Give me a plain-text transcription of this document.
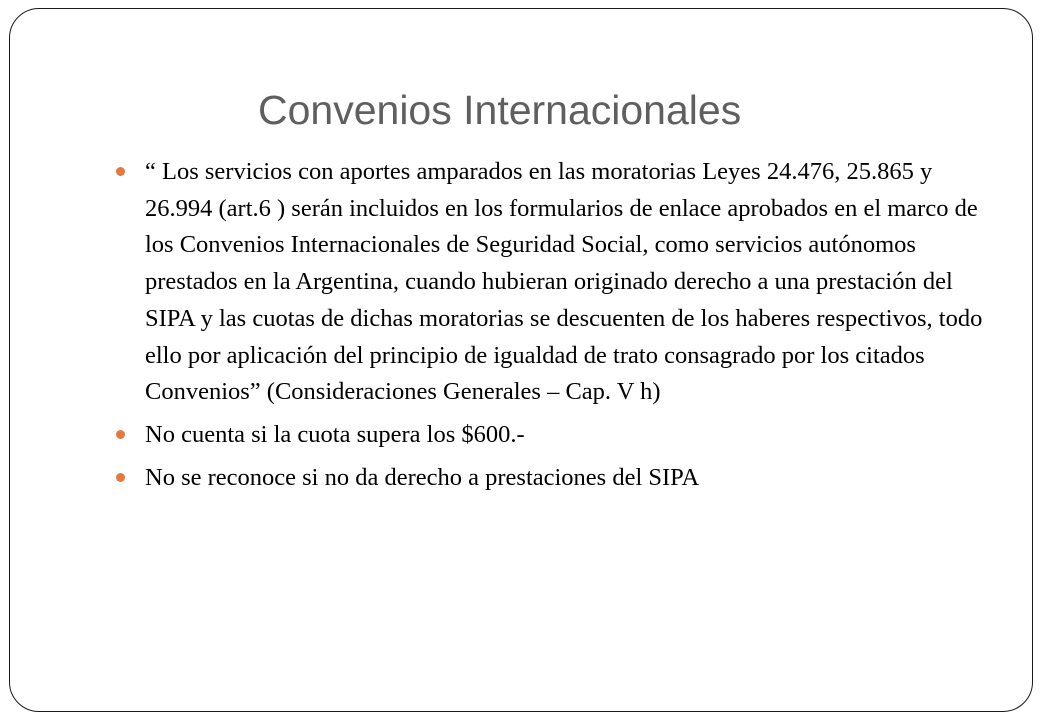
Convenios Internacionales
“ Los servicios con aportes amparados en las moratorias Leyes 24.476, 25.865 y 26.994 (art.6 ) serán incluidos en los formularios de enlace aprobados en el marco de los Convenios Internacionales de Seguridad Social, como servicios autónomos prestados en la Argentina, cuando hubieran originado derecho a una prestación del SIPA y las cuotas de dichas moratorias se descuenten de los haberes respectivos, todo ello por aplicación del principio de igualdad de trato consagrado por los citados Convenios” (Consideraciones Generales – Cap. V h)
No cuenta si la cuota supera los $600.-
No se reconoce si no da derecho a prestaciones del SIPA
